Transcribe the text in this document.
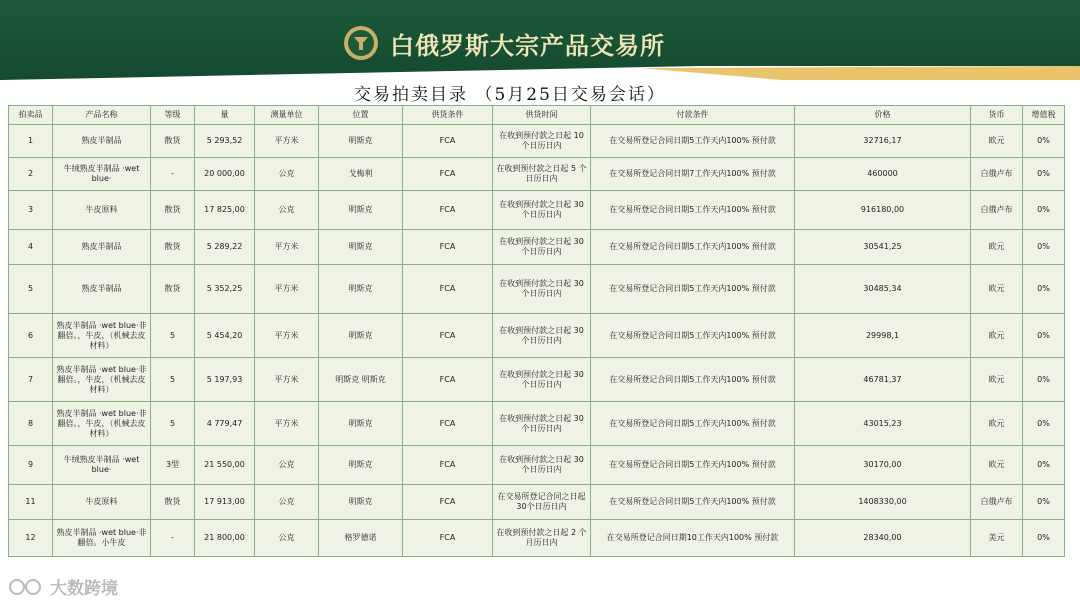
白俄罗斯大宗产品交易所
交易拍卖目录 （5月25日交易会话）
拍卖品	产品名称	等级	量	测量单位	位置	供货条件	供货时间	付款条件	价格	货币	增值税
1	熟皮半制品	散货	5 293,52	平方米	明斯克	FCA	在收到预付款之日起 10 个日历日内	在交易所登记合同日期5工作天内100% 预付款	32716,17	欧元	0%
2	牛绒熟皮半制品 ·wet blue·	-	20 000,00	公克	戈梅利	FCA	在收到预付款之日起 5 个日历日内	在交易所登记合同日期7工作天内100% 预付款	460000	白俄卢布	0%
3	牛皮原料	散货	17 825,00	公克	明斯克	FCA	在收到预付款之日起 30 个日历日内	在交易所登记合同日期5工作天内100% 预付款	916180,00	白俄卢布	0%
4	熟皮半制品	散货	5 289,22	平方米	明斯克	FCA	在收到预付款之日起 30 个日历日内	在交易所登记合同日期5工作天内100% 预付款	30541,25	欧元	0%
5	熟皮半制品	散货	5 352,25	平方米	明斯克	FCA	在收到预付款之日起 30 个日历日内	在交易所登记合同日期5工作天内100% 预付款	30485,34	欧元	0%
6	熟皮半制品 ·wet blue·非翻倍。，牛皮，（机械去皮材料）	5	5 454,20	平方米	明斯克	FCA	在收到预付款之日起 30 个日历日内	在交易所登记合同日期5工作天内100% 预付款	29998,1	欧元	0%
7	熟皮半制品 ·wet blue·非翻倍。，牛皮，（机械去皮材料）	5	5 197,93	平方米	明斯克 明斯克	FCA	在收到预付款之日起 30 个日历日内	在交易所登记合同日期5工作天内100% 预付款	46781,37	欧元	0%
8	熟皮半制品 ·wet blue·非翻倍。，牛皮，（机械去皮材料）	5	4 779,47	平方米	明斯克	FCA	在收到预付款之日起 30 个日历日内	在交易所登记合同日期5工作天内100% 预付款	43015,23	欧元	0%
9	牛绒熟皮半制品 ·wet blue·	3型	21 550,00	公克	明斯克	FCA	在收到预付款之日起 30 个日历日内	在交易所登记合同日期5工作天内100% 预付款	30170,00	欧元	0%
11	牛皮原料	散货	17 913,00	公克	明斯克	FCA	在交易所登记合同之日起 30个日历日内	在交易所登记合同日期5工作天内100% 预付款	1408330,00	白俄卢布	0%
12	熟皮半制品 ·wet blue·非翻倍。小牛皮	-	21 800,00	公克	格罗德诺	FCA	在收到预付款之日起 2 个月历日内	在交易所登记合同日期10工作天内100% 预付款	28340,00	美元	0%
大数跨境
